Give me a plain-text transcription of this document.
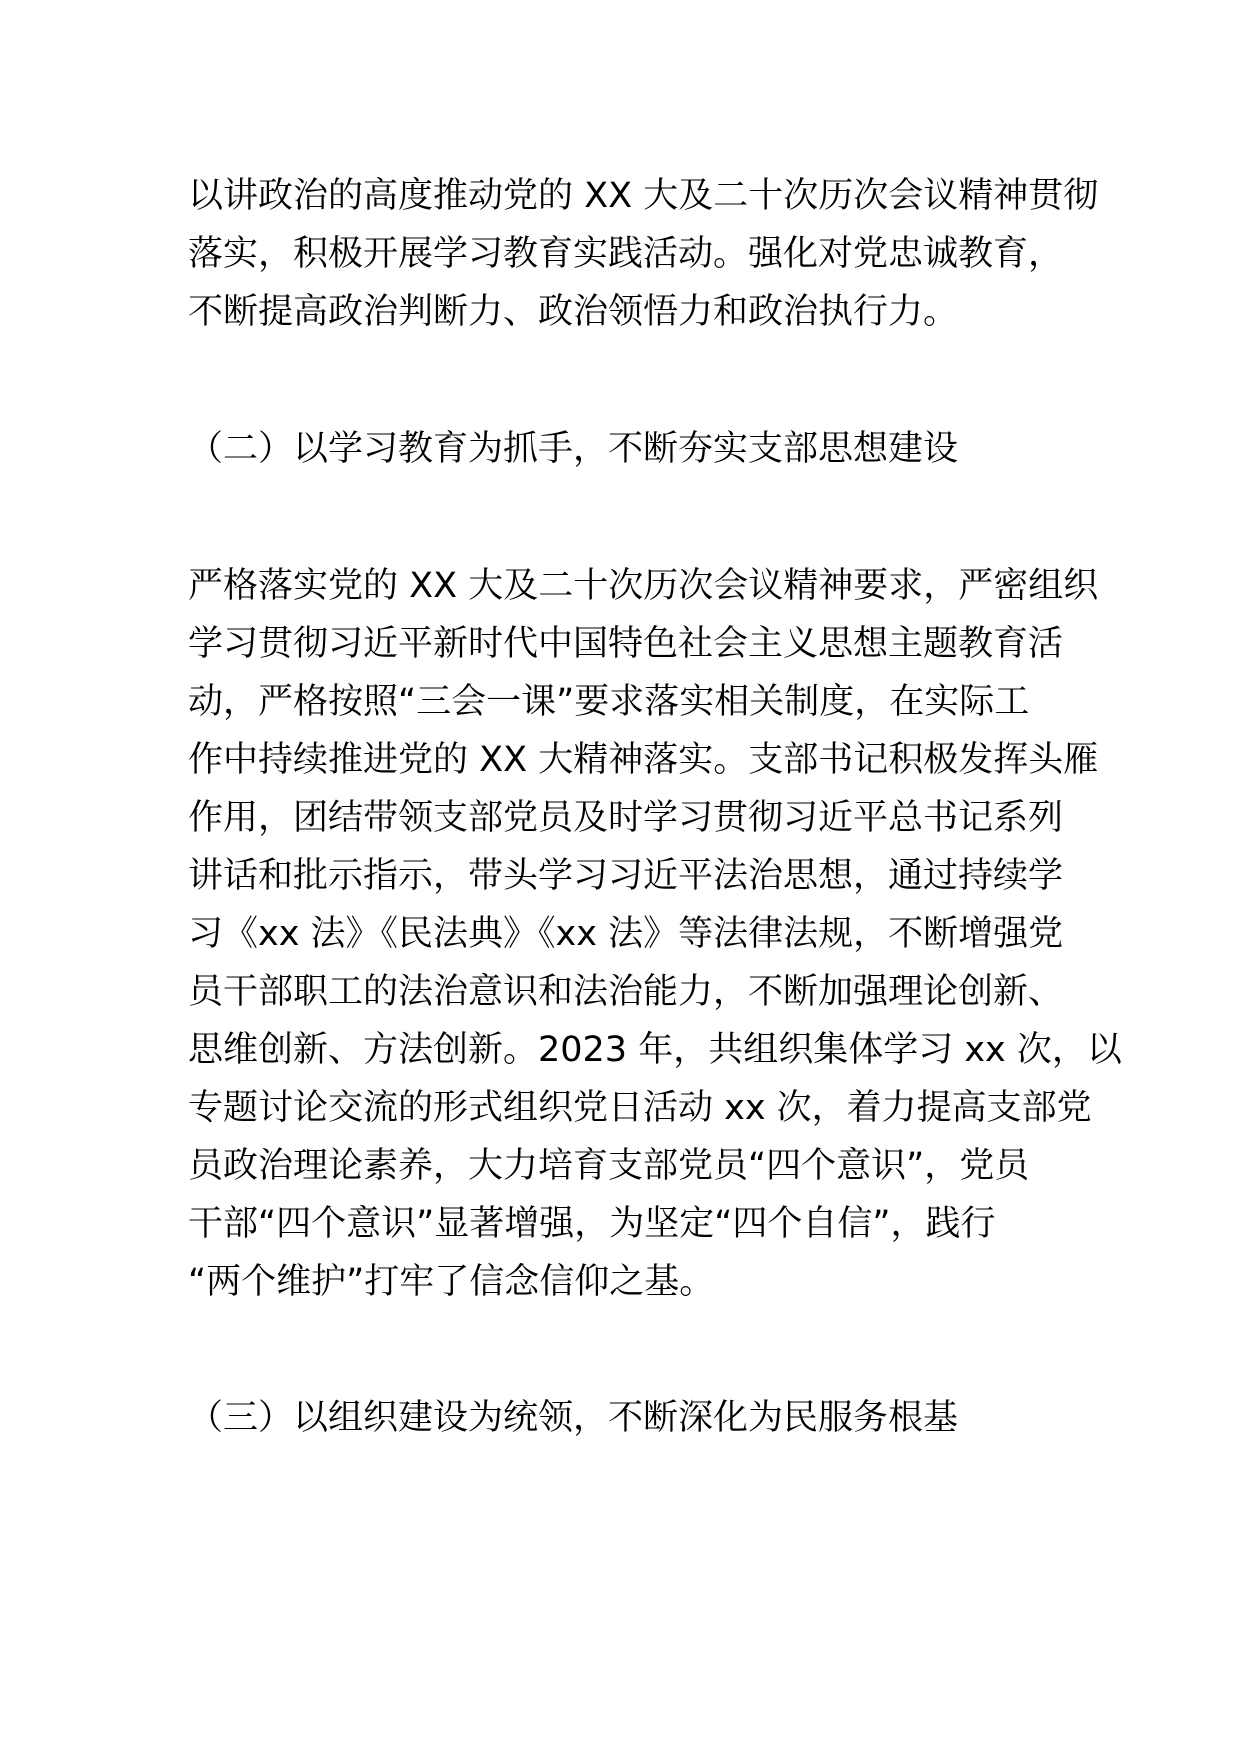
以讲政治的高度推动党的 XX 大及二十次历次会议精神贯彻
落实，积极开展学习教育实践活动。强化对党忠诚教育，
不断提高政治判断力、政治领悟力和政治执行力。
（二）以学习教育为抓手，不断夯实支部思想建设
严格落实党的 XX 大及二十次历次会议精神要求，严密组织
学习贯彻习近平新时代中国特色社会主义思想主题教育活
动，严格按照“三会一课”要求落实相关制度，在实际工
作中持续推进党的 XX 大精神落实。支部书记积极发挥头雁
作用，团结带领支部党员及时学习贯彻习近平总书记系列
讲话和批示指示，带头学习习近平法治思想，通过持续学
习《xx 法》《民法典》《xx 法》等法律法规，不断增强党
员干部职工的法治意识和法治能力，不断加强理论创新、
思维创新、方法创新。2023 年，共组织集体学习 xx 次，以
专题讨论交流的形式组织党日活动 xx 次，着力提高支部党
员政治理论素养，大力培育支部党员“四个意识”，党员
干部“四个意识”显著增强，为坚定“四个自信”，践行
“两个维护”打牢了信念信仰之基。
（三）以组织建设为统领，不断深化为民服务根基
